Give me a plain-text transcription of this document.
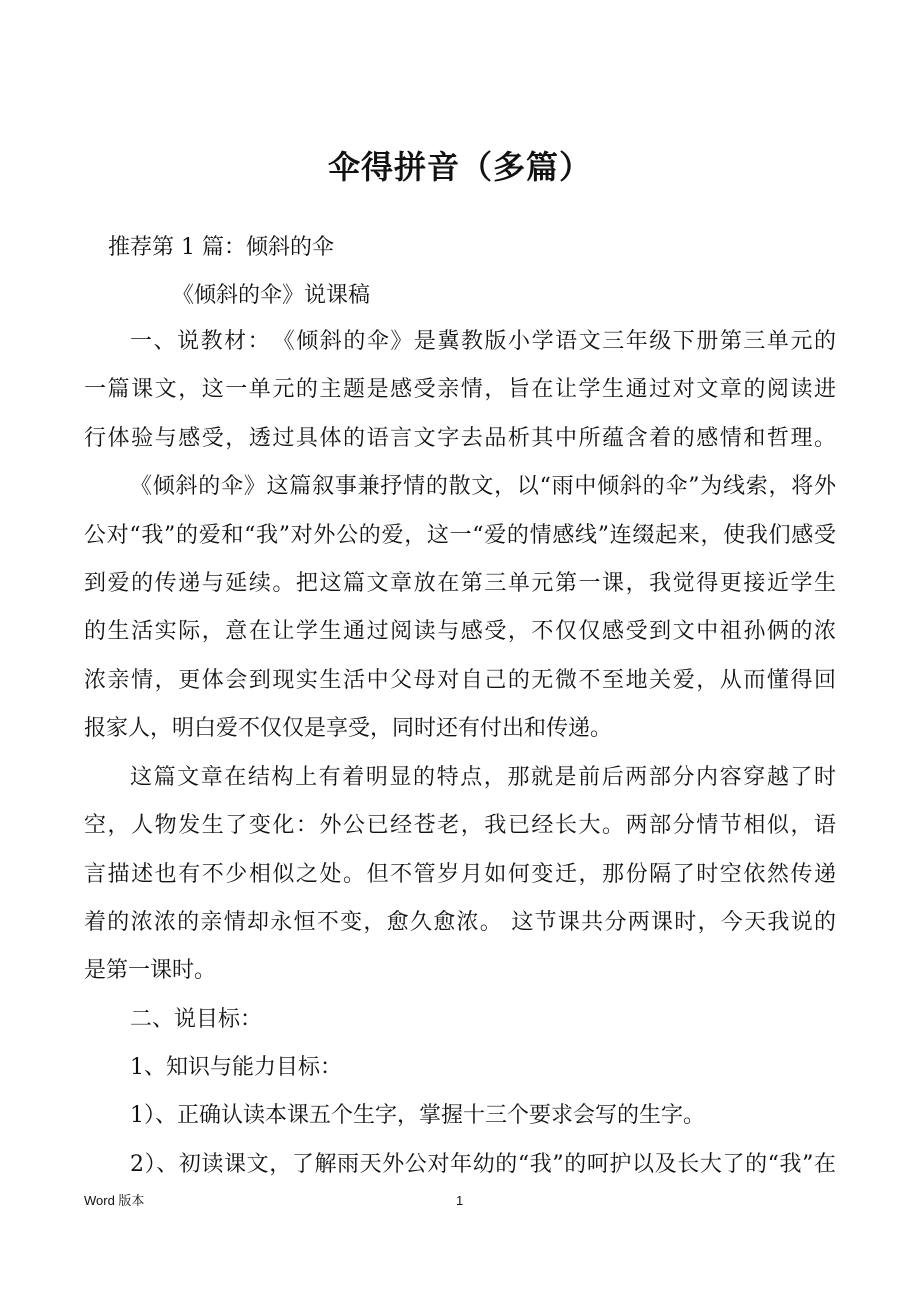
伞得拼音（多篇）
推荐第 1 篇：倾斜的伞
《倾斜的伞》说课稿
一、说教材：　《倾斜的伞》是冀教版小学语文三年级下册第三单元的
一篇课文，这一单元的主题是感受亲情，旨在让学生通过对文章的阅读进
行体验与感受，透过具体的语言文字去品析其中所蕴含着的感情和哲理。
《倾斜的伞》这篇叙事兼抒情的散文，以“雨中倾斜的伞”为线索，将外
公对“我”的爱和“我”对外公的爱，这一“爱的情感线”连缀起来，使我们感受
到爱的传递与延续。把这篇文章放在第三单元第一课，我觉得更接近学生
的生活实际，意在让学生通过阅读与感受，不仅仅感受到文中祖孙俩的浓
浓亲情，更体会到现实生活中父母对自己的无微不至地关爱，从而懂得回
报家人，明白爱不仅仅是享受，同时还有付出和传递。
这篇文章在结构上有着明显的特点，那就是前后两部分内容穿越了时
空，人物发生了变化：外公已经苍老，我已经长大。两部分情节相似，语
言描述也有不少相似之处。但不管岁月如何变迁，那份隔了时空依然传递
着的浓浓的亲情却永恒不变，愈久愈浓。 这节课共分两课时，今天我说的
是第一课时。
二、说目标：
1、知识与能力目标：
1）、正确认读本课五个生字，掌握十三个要求会写的生字。
2）、初读课文，了解雨天外公对年幼的“我”的呵护以及长大了的“我”在
Word 版本	1
